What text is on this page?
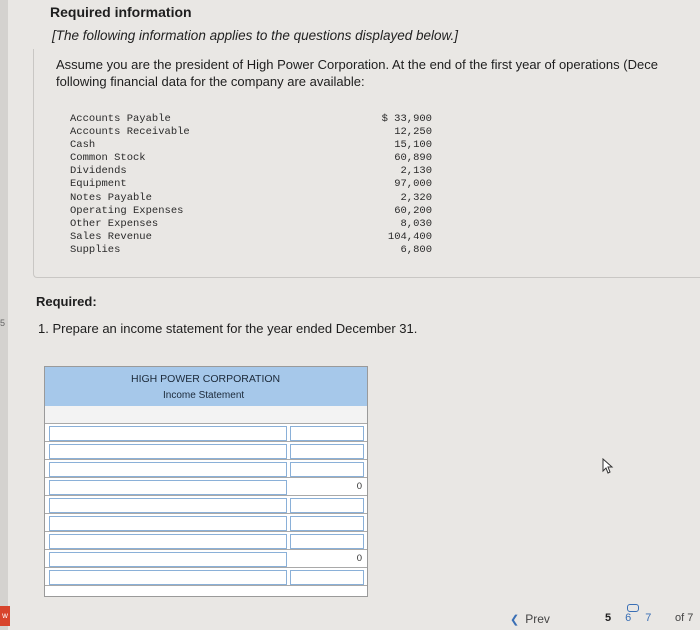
5
w
Required information
[The following information applies to the questions displayed below.]
Assume you are the president of High Power Corporation. At the end of the first year of operations (Dece
following financial data for the company are available:
Accounts Payable	$ 33,900
Accounts Receivable	12,250
Cash	15,100
Common Stock	60,890
Dividends	2,130
Equipment	97,000
Notes Payable	2,320
Operating Expenses	60,200
Other Expenses	8,030
Sales Revenue	104,400
Supplies	6,800
Required:
1. Prepare an income statement for the year ended December 31.
HIGH POWER CORPORATION
Income Statement
0
0
❮ Prev	5 6 7	of 7
